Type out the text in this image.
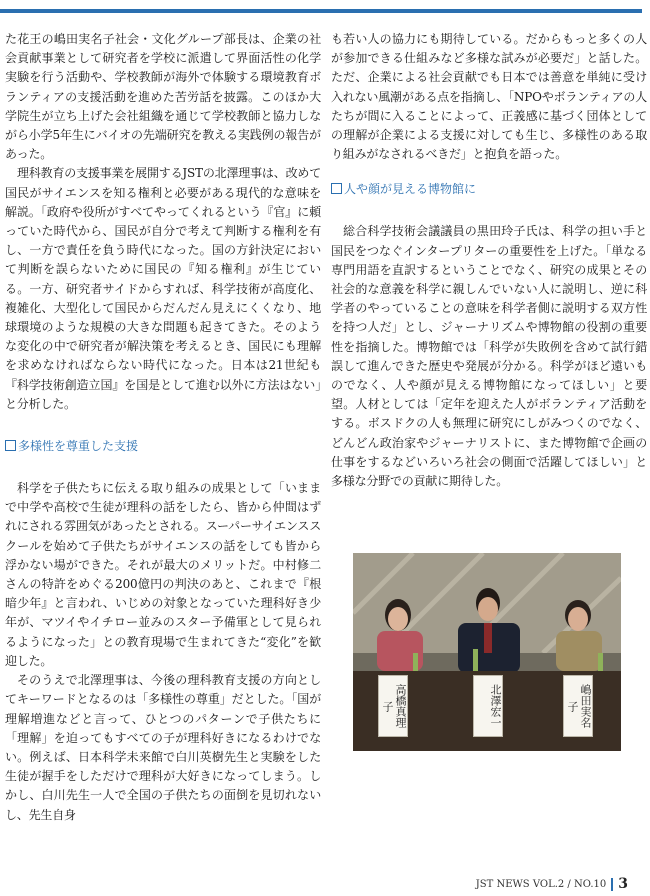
た花王の嶋田実名子社会・文化グループ部長は、企業の社会貢献事業として研究者を学校に派遣して界面活性の化学実験を行う活動や、学校教師が海外で体験する環境教育ボランティアの支援活動を進めた苦労話を披露。このほか大学院生が立ち上げた会社組織を通じて学校教師と協力しながら小学5年生にバイオの先端研究を教える実践例の報告があった。

理科教育の支援事業を展開するJSTの北澤理事は、改めて国民がサイエンスを知る権利と必要がある現代的な意味を解説。「政府や役所がすべてやってくれるという『官』に頼っていた時代から、国民が自分で考えて判断する権利を有し、一方で責任を負う時代になった。国の方針決定において判断を誤らないために国民の『知る権利』が生じている。一方、研究者サイドからすれば、科学技術が高度化、複雑化、大型化して国民からだんだん見えにくくなり、地球環境のような規模の大きな問題も起きてきた。そのような変化の中で研究者が解決策を考えるとき、国民にも理解を求めなければならない時代になった。日本は21世紀も『科学技術創造立国』を国是として進む以外に方法はない」と分析した。

多様性を尊重した支援

科学を子供たちに伝える取り組みの成果として「いままで中学や高校で生徒が理科の話をしたら、皆から仲間はずれにされる雰囲気があったとされる。スーパーサイエンススクールを始めて子供たちがサイエンスの話をしても皆から浮かない場ができた。それが最大のメリットだ。中村修二さんの特許をめぐる200億円の判決のあと、これまで『根暗少年』と言われ、いじめの対象となっていた理科好き少年が、マツイやイチロー並みのスター予備軍として見られるようになった」との教育現場で生まれてきた“変化”を歓迎した。

そのうえで北澤理事は、今後の理科教育支援の方向としてキーワードとなるのは「多様性の尊重」だとした。「国が理解増進などと言って、ひとつのパターンで子供たちに「理解」を迫ってもすべての子が理科好きになるわけでない。例えば、日本科学未来館で白川英樹先生と実験をした生徒が握手をしただけで理科が大好きになってしまう。しかし、白川先生一人で全国の子供たちの面倒を見切れないし、先生自身

も若い人の協力にも期待している。だからもっと多くの人が参加できる仕組みなど多様な試みが必要だ」と話した。ただ、企業による社会貢献でも日本では善意を単純に受け入れない風潮がある点を指摘し、「NPOやボランティアの人たちが間に入ることによって、正義感に基づく団体としての理解が企業による支援に対しても生じ、多様性のある取り組みがなされるべきだ」と抱負を語った。

人や顔が見える博物館に

総合科学技術会議議員の黒田玲子氏は、科学の担い手と国民をつなぐインタープリターの重要性を上げた。「単なる専門用語を直訳するということでなく、研究の成果とその社会的な意義を科学に親しんでいない人に説明し、逆に科学者のやっていることの意味を科学者側に説明する双方性を持つ人だ」とし、ジャーナリズムや博物館の役割の重要性を指摘した。博物館では「科学が失敗例を含めて試行錯誤して進んできた歴史や発展が分かる。科学がほど遠いものでなく、人や顔が見える博物館になってほしい」と要望。人材としては「定年を迎えた人がボランティア活動をする。ボスドクの人も無理に研究にしがみつくのでなく、どんどん政治家やジャーナリストに、また博物館で企画の仕事をするなどいろいろ社会の側面で活躍してほしい」と多様な分野での貢献に期待した。

高橋真理子	北澤宏一	嶋田実名子
JST NEWS VOL.2 / NO.10 3
